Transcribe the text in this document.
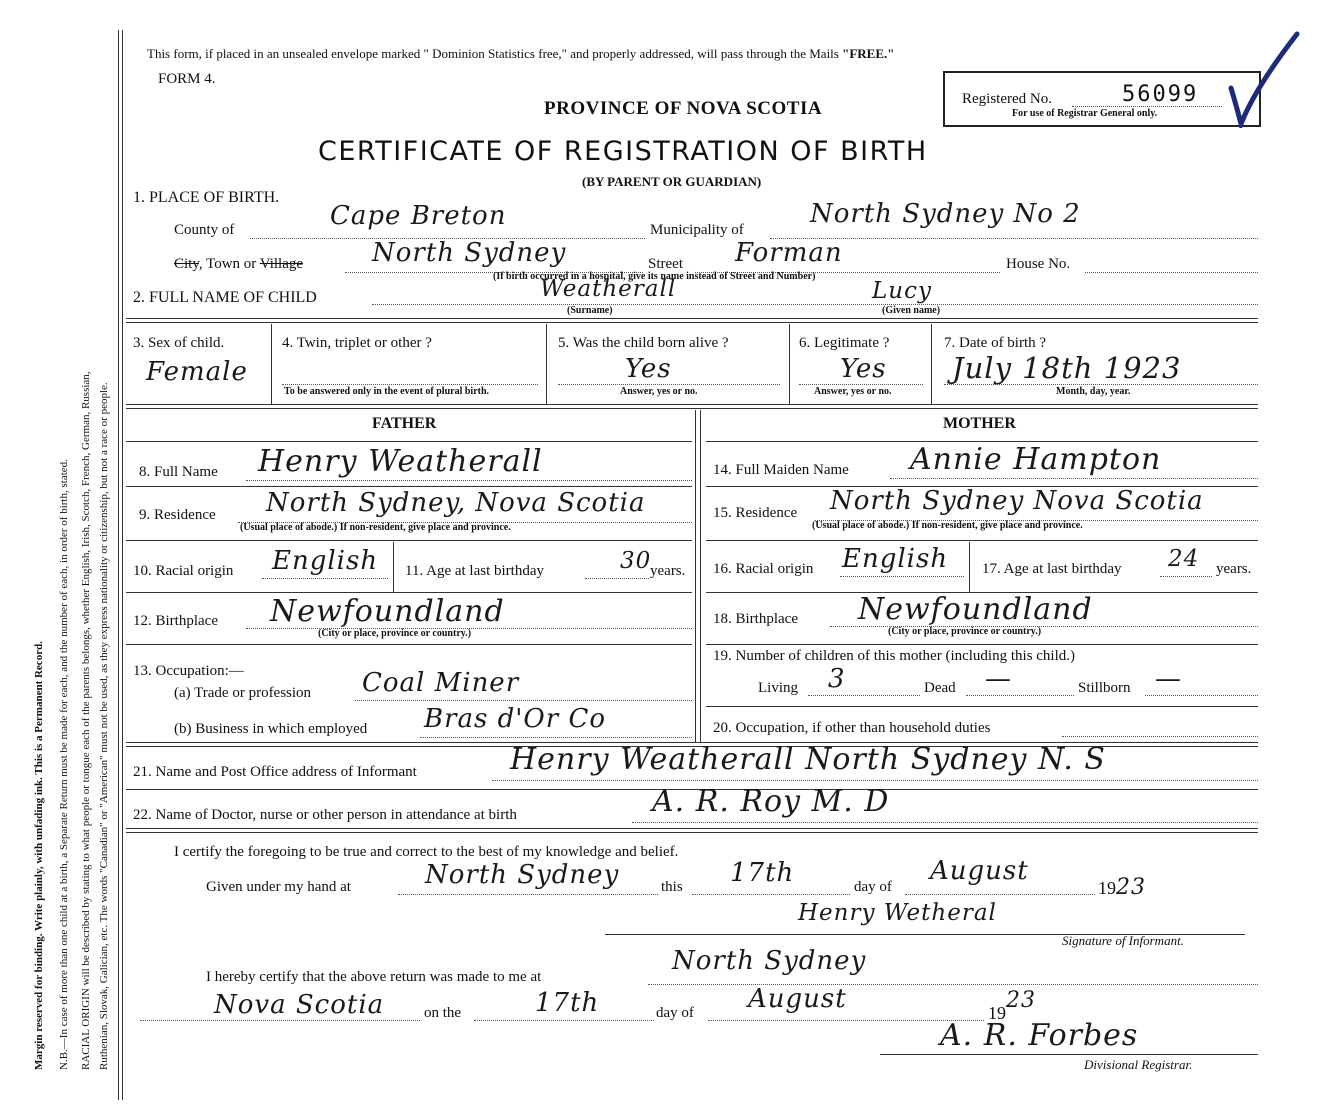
Margin reserved for binding. Write plainly, with unfading ink. This is a Permanent Record. N.B.—In case of more than one child at a birth, a Separate Return must be made for each, and the number of each, in order of birth, stated. RACIAL ORIGIN will be described by stating to what people or tongue each of the parents belongs, whether English, Irish, Scotch, French, German, Russian, Ruthenian, Slovak, Galician, etc. The words "Canadian" or "American" must not be used, as they express nationality or citizenship, but not a race or people.
This form, if placed in an unsealed envelope marked " Dominion Statistics free," and properly addressed, will pass through the Mails "FREE."
FORM 4.
PROVINCE OF NOVA SCOTIA
CERTIFICATE OF REGISTRATION OF BIRTH
(BY PARENT OR GUARDIAN)
Registered No.	56099
For use of Registrar General only.
1. PLACE OF BIRTH.
County of	Cape Breton	Municipality of
North Sydney No 2
City, Town or Village	North Sydney	Street Forman	House No.
(If birth occurred in a hospital, give its name instead of Street and Number)
2. FULL NAME OF CHILD	Weatherall
(Surname)
Lucy
(Given name)
3. Sex of child.
Female
4. Twin, triplet or other ?
To be answered only in the event of plural birth.
5. Was the child born alive ?
Yes
Answer, yes or no.
6. Legitimate ?
Yes
Answer, yes or no.
7. Date of birth ?
July 18th 1923
Month, day, year.
FATHER	MOTHER
8. Full Name Henry Weatherall
9. Residence North Sydney, Nova Scotia
(Usual place of abode.) If non-resident, give place and province.
10. Racial origin English 11. Age at last birthday	30
years.
12. Birthplace Newfoundland
(City or place, province or country.)
13. Occupation:—
(a) Trade or profession Coal Miner
(b) Business in which employed Bras d'Or Co
14. Full Maiden Name Annie Hampton
15. Residence North Sydney Nova Scotia
(Usual place of abode.) If non-resident, give place and province.
16. Racial origin English 17. Age at last birthday 24 years.
18. Birthplace Newfoundland
(City or place, province or country.)
19. Number of children of this mother (including this child.)
Living 3	Dead —	Stillborn —
20. Occupation, if other than household duties
21. Name and Post Office address of Informant	Henry Weatherall North Sydney N. S
22. Name of Doctor, nurse or other person in attendance at birth	A. R. Roy M. D
I certify the foregoing to be true and correct to the best of my knowledge and belief.
Given under my hand at	North Sydney	this 17th	day of
August
1923
Henry Wetheral
Signature of Informant.
I hereby certify that the above return was made to me at
North Sydney
Nova Scotia	on the	17th	day of August	1923
A. R. Forbes
Divisional Registrar.
